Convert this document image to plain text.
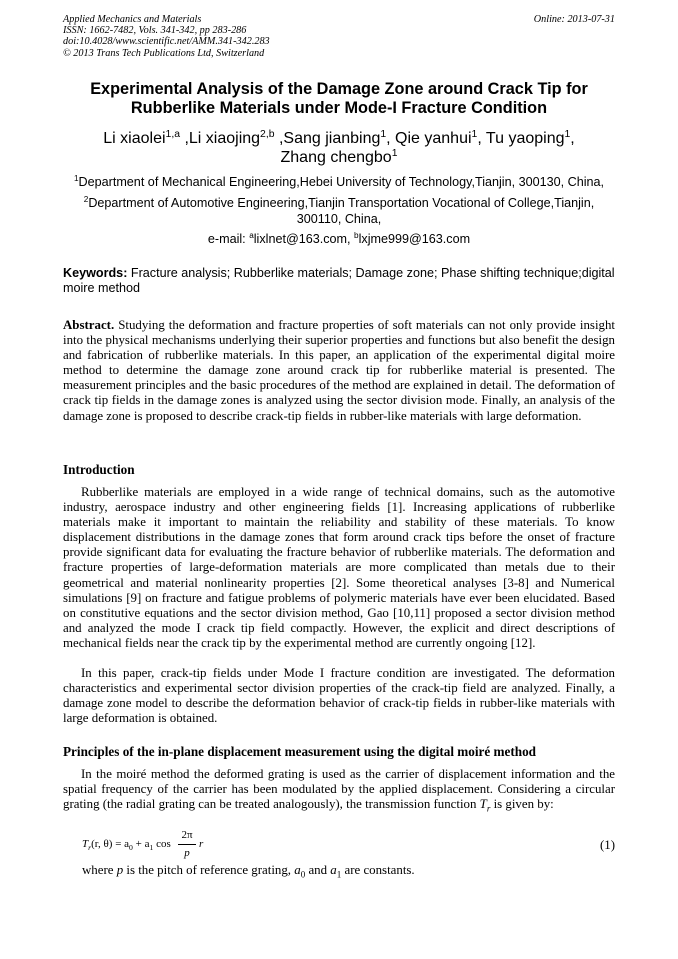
Applied Mechanics and Materials
ISSN: 1662-7482, Vols. 341-342, pp 283-286
doi:10.4028/www.scientific.net/AMM.341-342.283
© 2013 Trans Tech Publications Ltd, Switzerland
Online: 2013-07-31
Experimental Analysis of the Damage Zone around Crack Tip for
Rubberlike Materials under Mode-I Fracture Condition
Li xiaolei$^{1,a}$ ,Li xiaojing$^{2,b}$ ,Sang jianbing$^1$, Qie yanhui$^1$, Tu yaoping$^1$,
Zhang chengbo$^1$
$^1$Department of Mechanical Engineering,Hebei University of Technology,Tianjin, 300130, China,
$^2$Department of Automotive Engineering,Tianjin Transportation Vocational of College,Tianjin,
300110, China,
e-mail: $^a$lixlnet@163.com, $^b$lxjme999@163.com
Keywords: Fracture analysis; Rubberlike materials; Damage zone; Phase shifting technique;digital moire method
Abstract. Studying the deformation and fracture properties of soft materials can not only provide insight into the physical mechanisms underlying their superior properties and functions but also benefit the design and fabrication of rubberlike materials. In this paper, an application of the experimental digital moire method to determine the damage zone around crack tip for rubberlike material is presented. The measurement principles and the basic procedures of the method are explained in detail. The deformation of crack tip fields in the damage zones is analyzed using the sector division mode. Finally, an analysis of the damage zone is proposed to describe crack-tip fields in rubber-like materials with large deformation.
Introduction
Rubberlike materials are employed in a wide range of technical domains, such as the automotive industry, aerospace industry and other engineering fields [1]. Increasing applications of rubberlike materials make it important to maintain the reliability and stability of these materials. To know displacement distributions in the damage zones that form around crack tips before the onset of fracture provide significant data for evaluating the fracture behavior of rubberlike materials. The deformation and fracture properties of large-deformation materials are more complicated than metals due to their geometrical and material nonlinearity properties [2]. Some theoretical analyses [3-8] and Numerical simulations [9] on fracture and fatigue problems of polymeric materials have ever been elucidated. Based on constitutive equations and the sector division method, Gao [10,11] proposed a sector division method and analyzed the mode I crack tip field compactly. However, the explicit and direct descriptions of mechanical fields near the crack tip by the experimental method are currently ongoing [12].
In this paper, crack-tip fields under Mode I fracture condition are investigated. The deformation characteristics and experimental sector division properties of the crack-tip field are analyzed. Finally, a damage zone model to describe the deformation behavior of crack-tip fields in rubber-like materials with large deformation is obtained.
Principles of the in-plane displacement measurement using the digital moiré method
In the moiré method the deformed grating is used as the carrier of displacement information and the spatial frequency of the carrier has been modulated by the applied displacement. Considering a circular grating (the radial grating can be treated analogously), the transmission function $T_r$ is given by:
$T_r(r$, $\theta) = a_0 + a_1$ cos
2π
p
r	(1)
where p is the pitch of reference grating, $a_0$ and $a_1$ are constants.
